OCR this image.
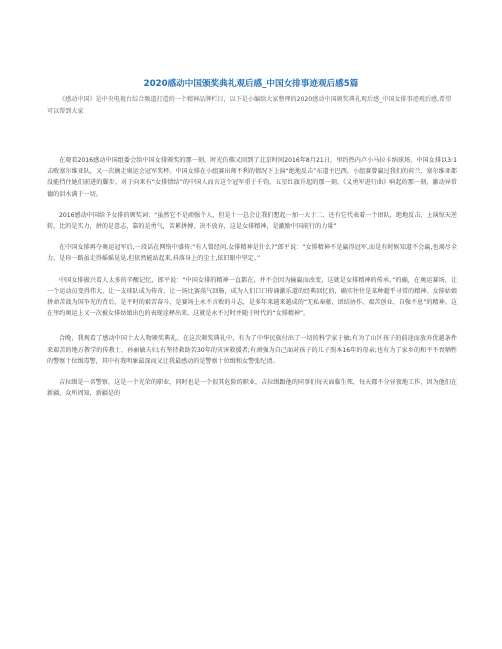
2020感动中国颁奖典礼观后感_中国女排事迹观后感5篇
《感动中国》是中央电视台综合频道打造的一个精神品牌栏目，以下是小编给大家整理的2020感动中国颁奖典礼观后感_中国女排事迹观后感,希望可以帮到大家

在观看2016感动中国组委会给中国女排颁奖的那一刻，时光仿佛又回到了北京时间2016年8月21日，里约热内卢小马拉卡纳球场，中国女排以3:1击败塞尔维亚队，又一次摘走奥运会冠军奖杯。中国女排在小组赛出师不利的情况下上演“绝地反击”东道主巴西，小组赛曾赢过我们的荷兰、塞尔维亚都没能挡住她们前进的脚步。对于向来有“女排情结”的中国人而言这个冠军重于千钧，五星红旗升起的那一刻，《义勇军进行曲》响起的那一刻，激动异常德的泪水满于一切。

2016感动中国给予女排的颁奖词：“虽然它不是顽强个人，但是十一总会让我们想起一加一大于二，还有它代表着一个团队，绝地反击，上演惊天逆转，比的是实力，拼的是意志，靠的是勇气，苦累拼搏，决不放弃，这是女排精神，是激励中国前行的力量”

在中国女排再夺奥运冠军后,一段话在网络中盛传:“有人曾经问,女排精神是什么?”郎平说：“女排精神不是赢得冠军,而是有时候知道不会赢,也竭尽全力。是你一路虽走得摇摇晃晃,但依然能站起来,抖落身上的尘土,依旧眼中坚定。”

中国女排振兴看人太多的辛酸记忆，郎平说：“中国女排的精神一直都在，并不会因为输赢而改变，这就是女排精神的传承。”的确，在奥运赛场，让一个运动员变得伟大，让一支球队成为传奇，让一场比赛荡气回肠，成为人们口口传诵激乐道的经典回忆的，确实往往是某种超乎寻常的精神。女排姑娘拼命苦战为国争光的背后，是平时的艰苦奋斗，是赛场上永不言败的斗志，是多年来越来越成的“无私奉献、团结协作、艰苦创业、自强不息”的精神。这在里约奥运上又一次被女排姑娘出色的表现诠释出来，这就是永不过时并随于时代的“女排精神”。

合晚，我观看了感动中国十大人物颁奖典礼。在这次颁奖典礼中，有为了中华民族付出了一切的科学家于敏;有为了山区孩子的前途而放弃优越条件来艰苦的地方教学的传教士、孙丽敏夫妇;有坚持救助苦30年的灾害救援者;有顽强为自己面对孩子的儿子照本16年的母亲;也有为了家乡的和平不畏牺牲的警察十位缉毒警，其中有我明象最深而又让我最感动的是警察十位缉和女警张纪清。

吉拉缉是一名警察，这是一个光荣的职业，同时也是一个很其危险的职业，吉拉缉跟他的同事们每天面临生死，每天都不分昼夜地工作，因为他们在新疆，众所周知，新疆是的
